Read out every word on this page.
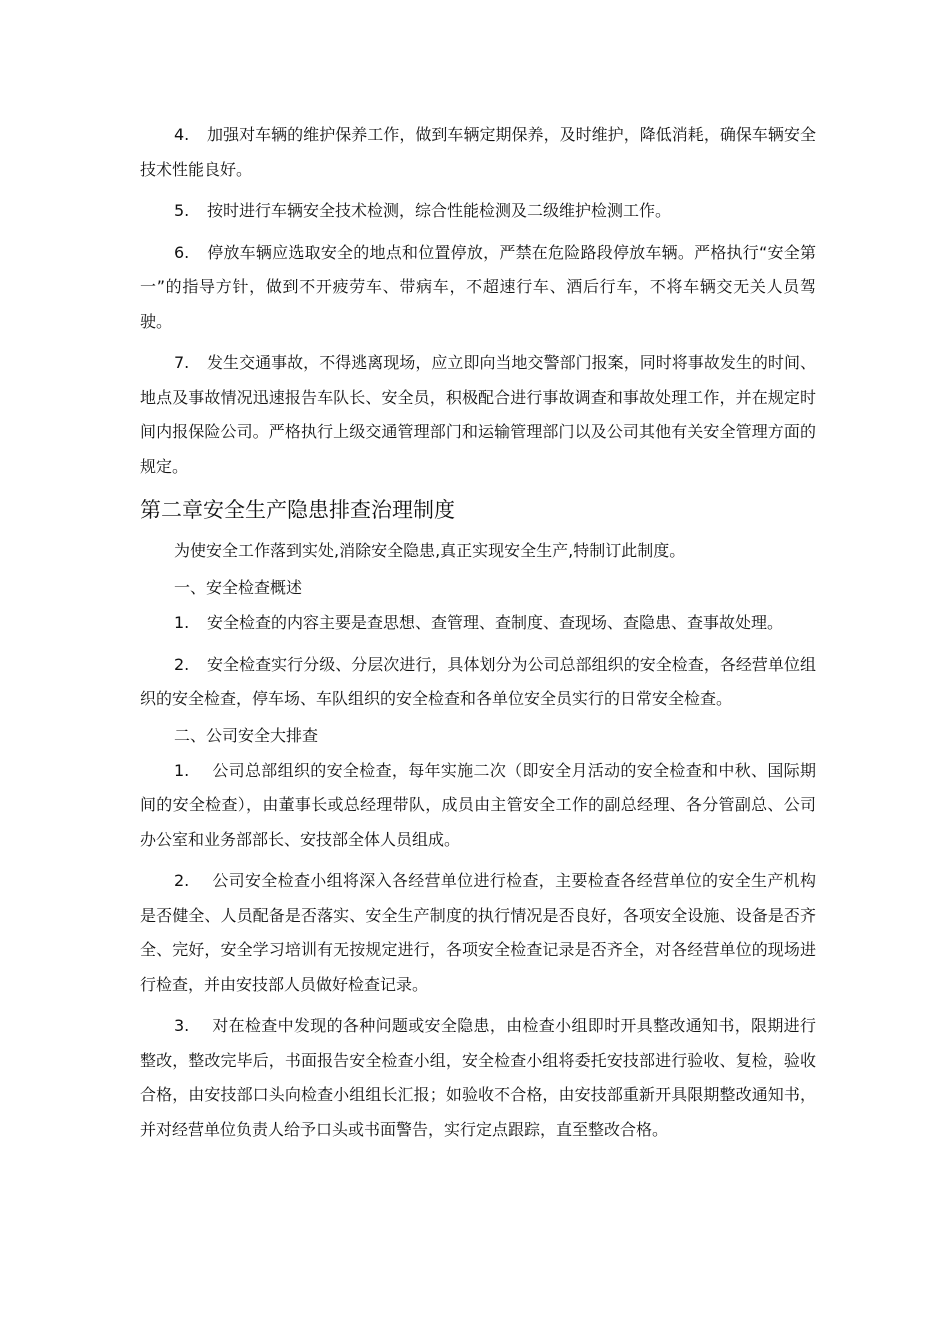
4. 加强对车辆的维护保养工作，做到车辆定期保养，及时维护，降低消耗，确保车辆安全技术性能良好。

5. 按时进行车辆安全技术检测，综合性能检测及二级维护检测工作。

6. 停放车辆应选取安全的地点和位置停放，严禁在危险路段停放车辆。严格执行“安全第一”的指导方针，做到不开疲劳车、带病车，不超速行车、酒后行车，不将车辆交无关人员驾驶。

7. 发生交通事故，不得逃离现场，应立即向当地交警部门报案，同时将事故发生的时间、地点及事故情况迅速报告车队长、安全员，积极配合进行事故调查和事故处理工作，并在规定时间内报保险公司。严格执行上级交通管理部门和运输管理部门以及公司其他有关安全管理方面的规定。

第二章安全生产隐患排查治理制度

为使安全工作落到实处,消除安全隐患,真正实现安全生产,特制订此制度。

一、安全检查概述

1. 安全检查的内容主要是查思想、查管理、查制度、查现场、查隐患、查事故处理。

2. 安全检查实行分级、分层次进行，具体划分为公司总部组织的安全检查，各经营单位组织的安全检查，停车场、车队组织的安全检查和各单位安全员实行的日常安全检查。

二、公司安全大排查

1. 公司总部组织的安全检查，每年实施二次（即安全月活动的安全检查和中秋、国际期间的安全检查），由董事长或总经理带队，成员由主管安全工作的副总经理、各分管副总、公司办公室和业务部部长、安技部全体人员组成。

2. 公司安全检查小组将深入各经营单位进行检查，主要检查各经营单位的安全生产机构是否健全、人员配备是否落实、安全生产制度的执行情况是否良好，各项安全设施、设备是否齐全、完好，安全学习培训有无按规定进行，各项安全检查记录是否齐全，对各经营单位的现场进行检查，并由安技部人员做好检查记录。

3. 对在检查中发现的各种问题或安全隐患，由检查小组即时开具整改通知书，限期进行整改，整改完毕后，书面报告安全检查小组，安全检查小组将委托安技部进行验收、复检，验收合格，由安技部口头向检查小组组长汇报；如验收不合格，由安技部重新开具限期整改通知书，并对经营单位负责人给予口头或书面警告，实行定点跟踪，直至整改合格。
